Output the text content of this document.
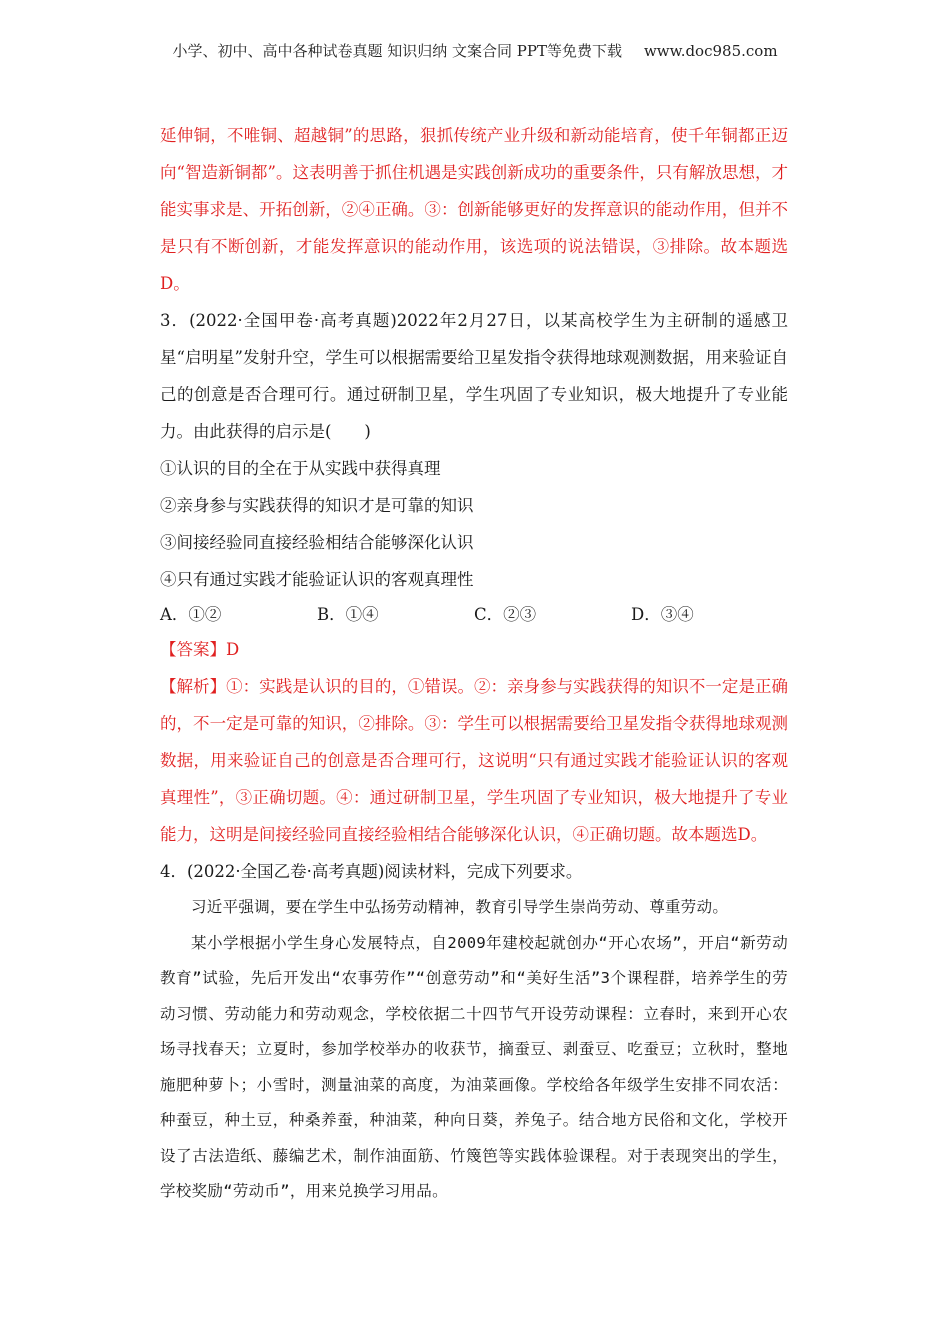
小学、初中、高中各种试卷真题 知识归纳 文案合同 PPT等免费下载 www.doc985.com

延伸铜，不唯铜、超越铜”的思路，狠抓传统产业升级和新动能培育，使千年铜都正迈向“智造新铜都”。这表明善于抓住机遇是实践创新成功的重要条件，只有解放思想，才能实事求是、开拓创新，②④正确。③：创新能够更好的发挥意识的能动作用，但并不是只有不断创新，才能发挥意识的能动作用，该选项的说法错误，③排除。故本题选D。

3．(2022·全国甲卷·高考真题)2022年2月27日，以某高校学生为主研制的遥感卫星“启明星”发射升空，学生可以根据需要给卫星发指令获得地球观测数据，用来验证自己的创意是否合理可行。通过研制卫星，学生巩固了专业知识，极大地提升了专业能力。由此获得的启示是(　　)

①认识的目的全在于从实践中获得真理

②亲身参与实践获得的知识才是可靠的知识

③间接经验同直接经验相结合能够深化认识

④只有通过实践才能验证认识的客观真理性

A．①②	B．①④	C．②③	D．③④

【答案】D

【解析】①：实践是认识的目的，①错误。②：亲身参与实践获得的知识不一定是正确的，不一定是可靠的知识，②排除。③：学生可以根据需要给卫星发指令获得地球观测数据，用来验证自己的创意是否合理可行，这说明“只有通过实践才能验证认识的客观真理性”，③正确切题。④：通过研制卫星，学生巩固了专业知识，极大地提升了专业能力，这明是间接经验同直接经验相结合能够深化认识，④正确切题。故本题选D。

4．(2022·全国乙卷·高考真题)阅读材料，完成下列要求。

习近平强调，要在学生中弘扬劳动精神，教育引导学生崇尚劳动、尊重劳动。

某小学根据小学生身心发展特点，自2009年建校起就创办“开心农场”，开启“新劳动教育”试验，先后开发出“农事劳作”“创意劳动”和“美好生活”3个课程群，培养学生的劳动习惯、劳动能力和劳动观念，学校依据二十四节气开设劳动课程：立春时，来到开心农场寻找春天；立夏时，参加学校举办的收获节，摘蚕豆、剥蚕豆、吃蚕豆；立秋时，整地施肥种萝卜；小雪时，测量油菜的高度，为油菜画像。学校给各年级学生安排不同农活：种蚕豆，种土豆，种桑养蚕，种油菜，种向日葵，养兔子。结合地方民俗和文化，学校开设了古法造纸、藤编艺术，制作油面筋、竹篾笆等实践体验课程。对于表现突出的学生，学校奖励“劳动币”，用来兑换学习用品。
